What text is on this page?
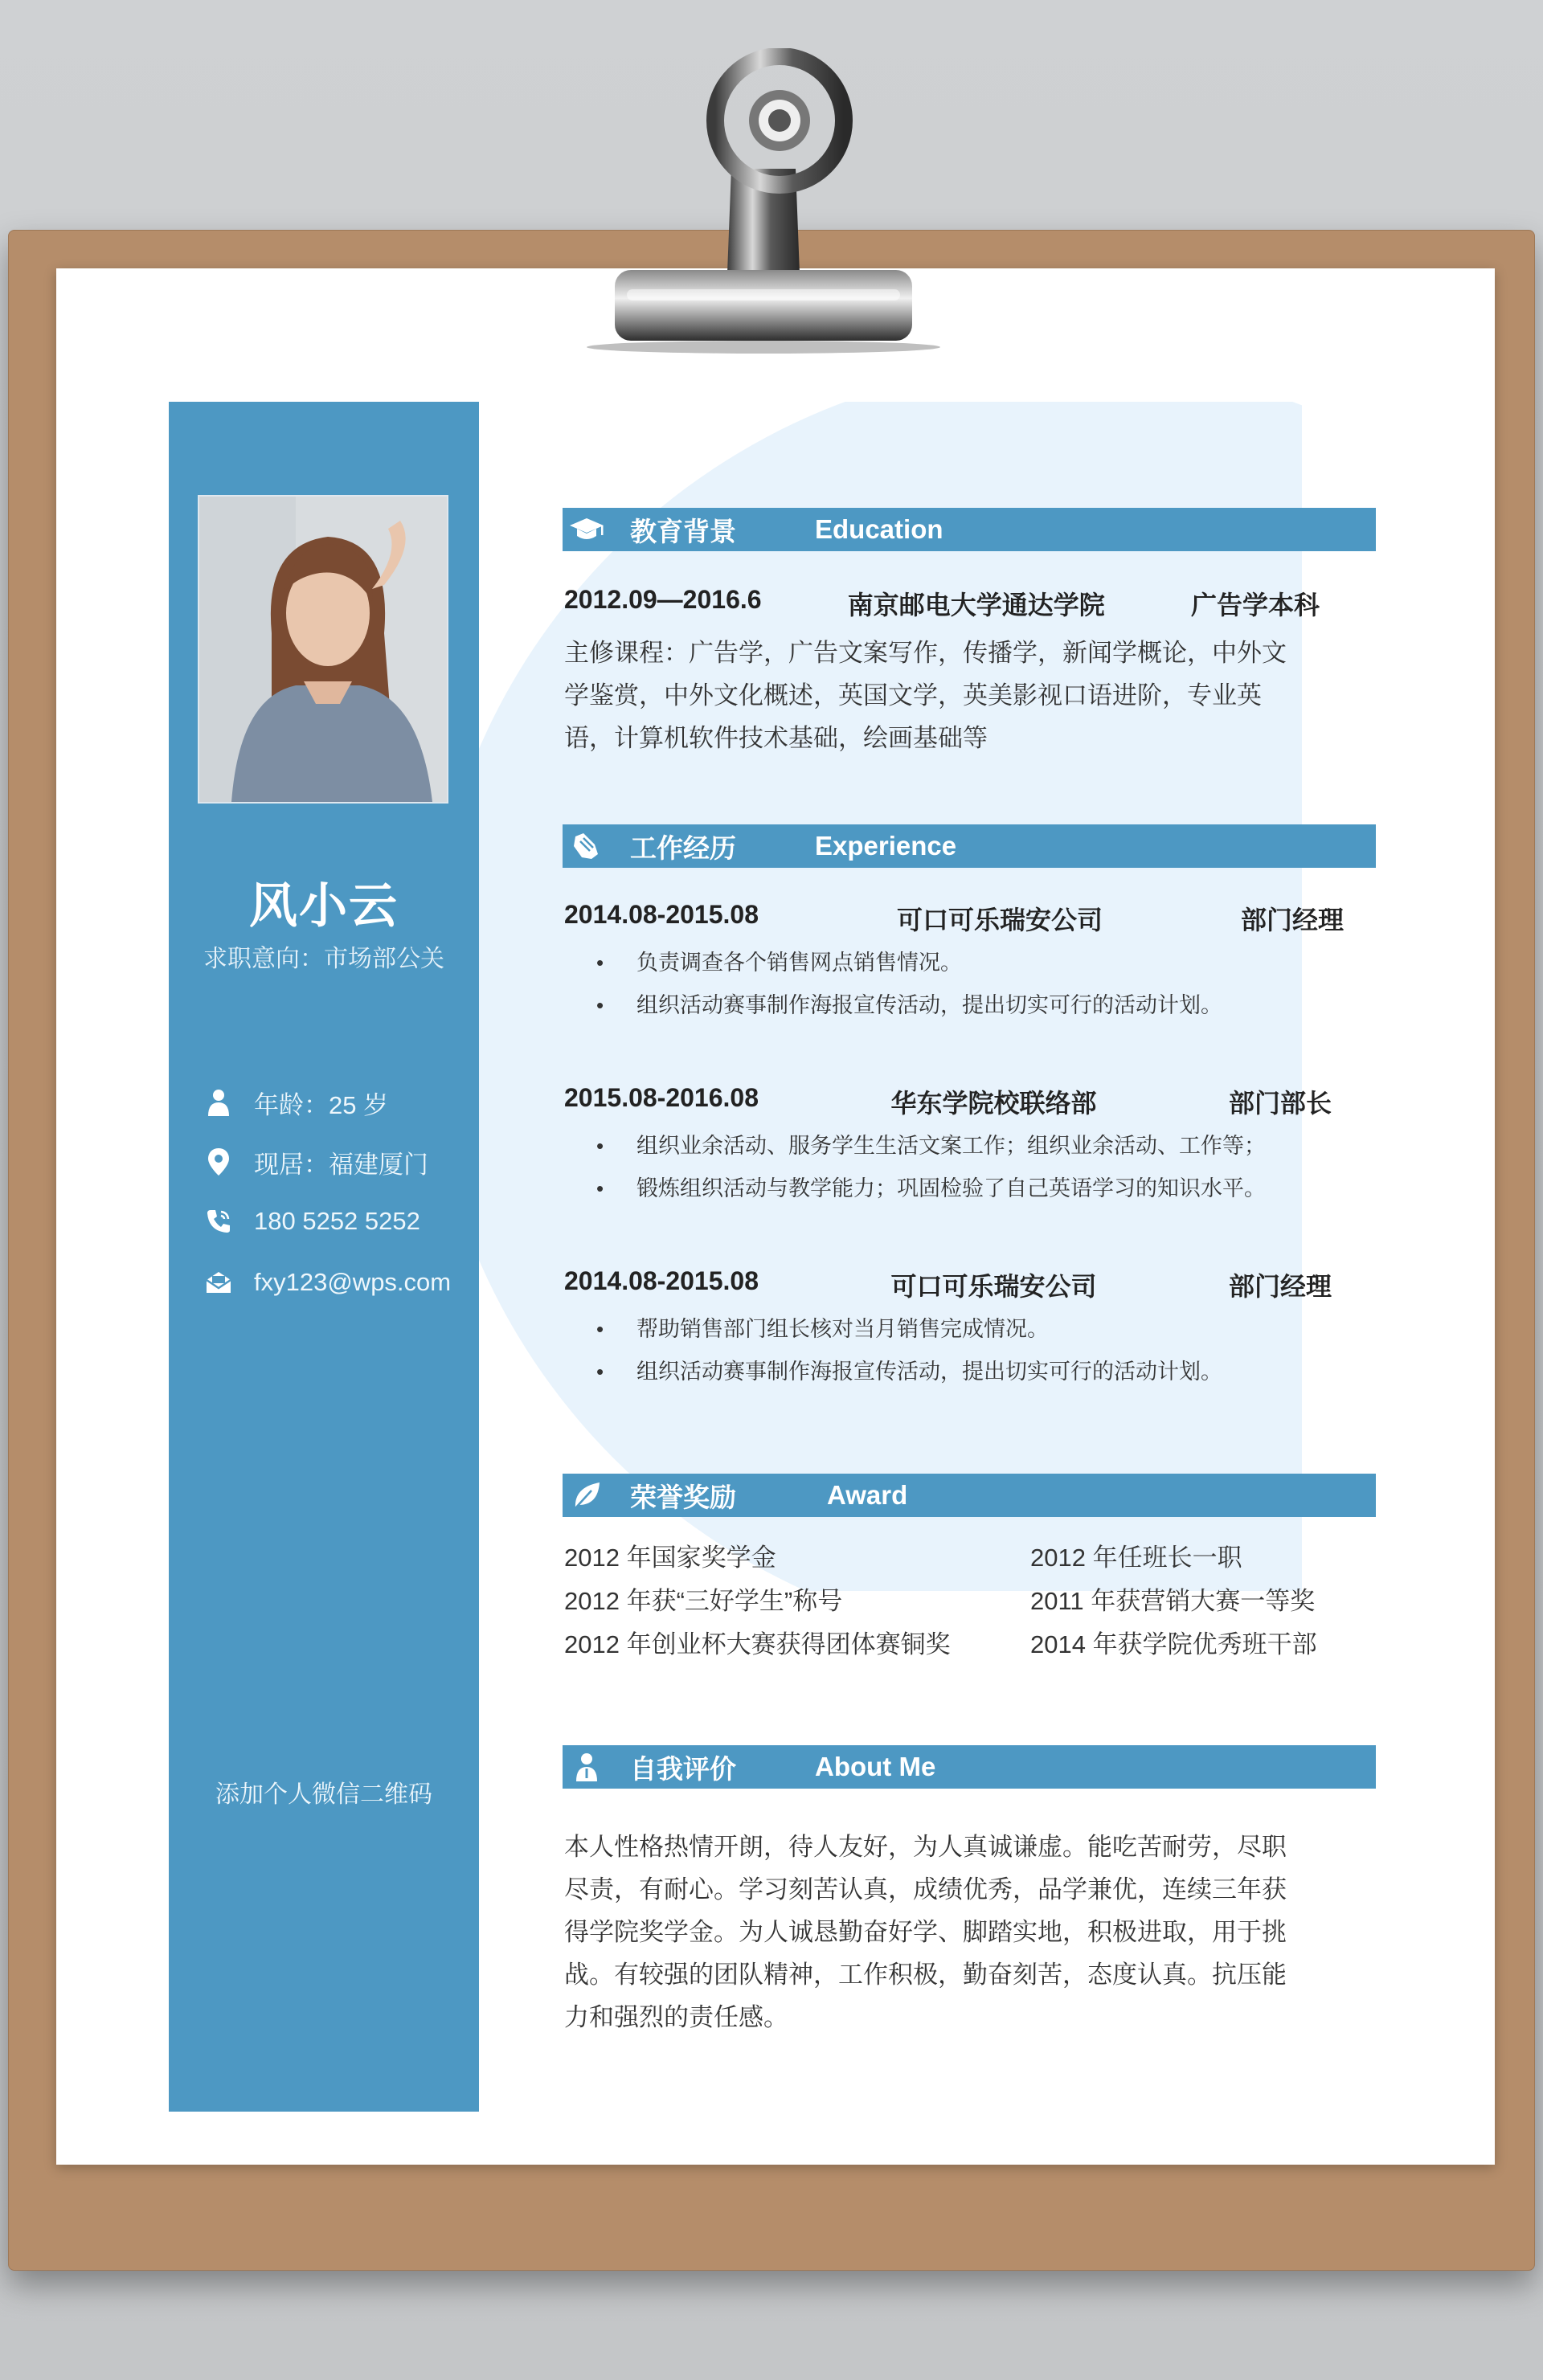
风小云
求职意向：市场部公关
年龄：25 岁
现居：福建厦门
180 5252 5252
fxy123@wps.com
添加个人微信二维码
教育背景	Education
2012.09—2016.6	南京邮电大学通达学院	广告学本科
主修课程：广告学，广告文案写作，传播学，新闻学概论，中外文学鉴赏，中外文化概述，英国文学，英美影视口语进阶，专业英语，计算机软件技术基础，绘画基础等
工作经历	Experience
2014.08-2015.08	可口可乐瑞安公司	部门经理
• 负责调查各个销售网点销售情况。
• 组织活动赛事制作海报宣传活动，提出切实可行的活动计划。
2015.08-2016.08	华东学院校联络部	部门部长
• 组织业余活动、服务学生生活文案工作；组织业余活动、工作等；
• 锻炼组织活动与教学能力；巩固检验了自己英语学习的知识水平。
2014.08-2015.08	可口可乐瑞安公司	部门经理
• 帮助销售部门组长核对当月销售完成情况。
• 组织活动赛事制作海报宣传活动，提出切实可行的活动计划。
荣誉奖励	Award
2012 年国家奖学金	2012 年任班长一职
2012 年获“三好学生”称号	2011 年获营销大赛一等奖
2012 年创业杯大赛获得团体赛铜奖	2014 年获学院优秀班干部
自我评价	About Me
本人性格热情开朗，待人友好，为人真诚谦虚。能吃苦耐劳，尽职尽责，有耐心。学习刻苦认真，成绩优秀，品学兼优，连续三年获得学院奖学金。为人诚恳勤奋好学、脚踏实地，积极进取，用于挑战。有较强的团队精神，工作积极，勤奋刻苦，态度认真。抗压能力和强烈的责任感。
